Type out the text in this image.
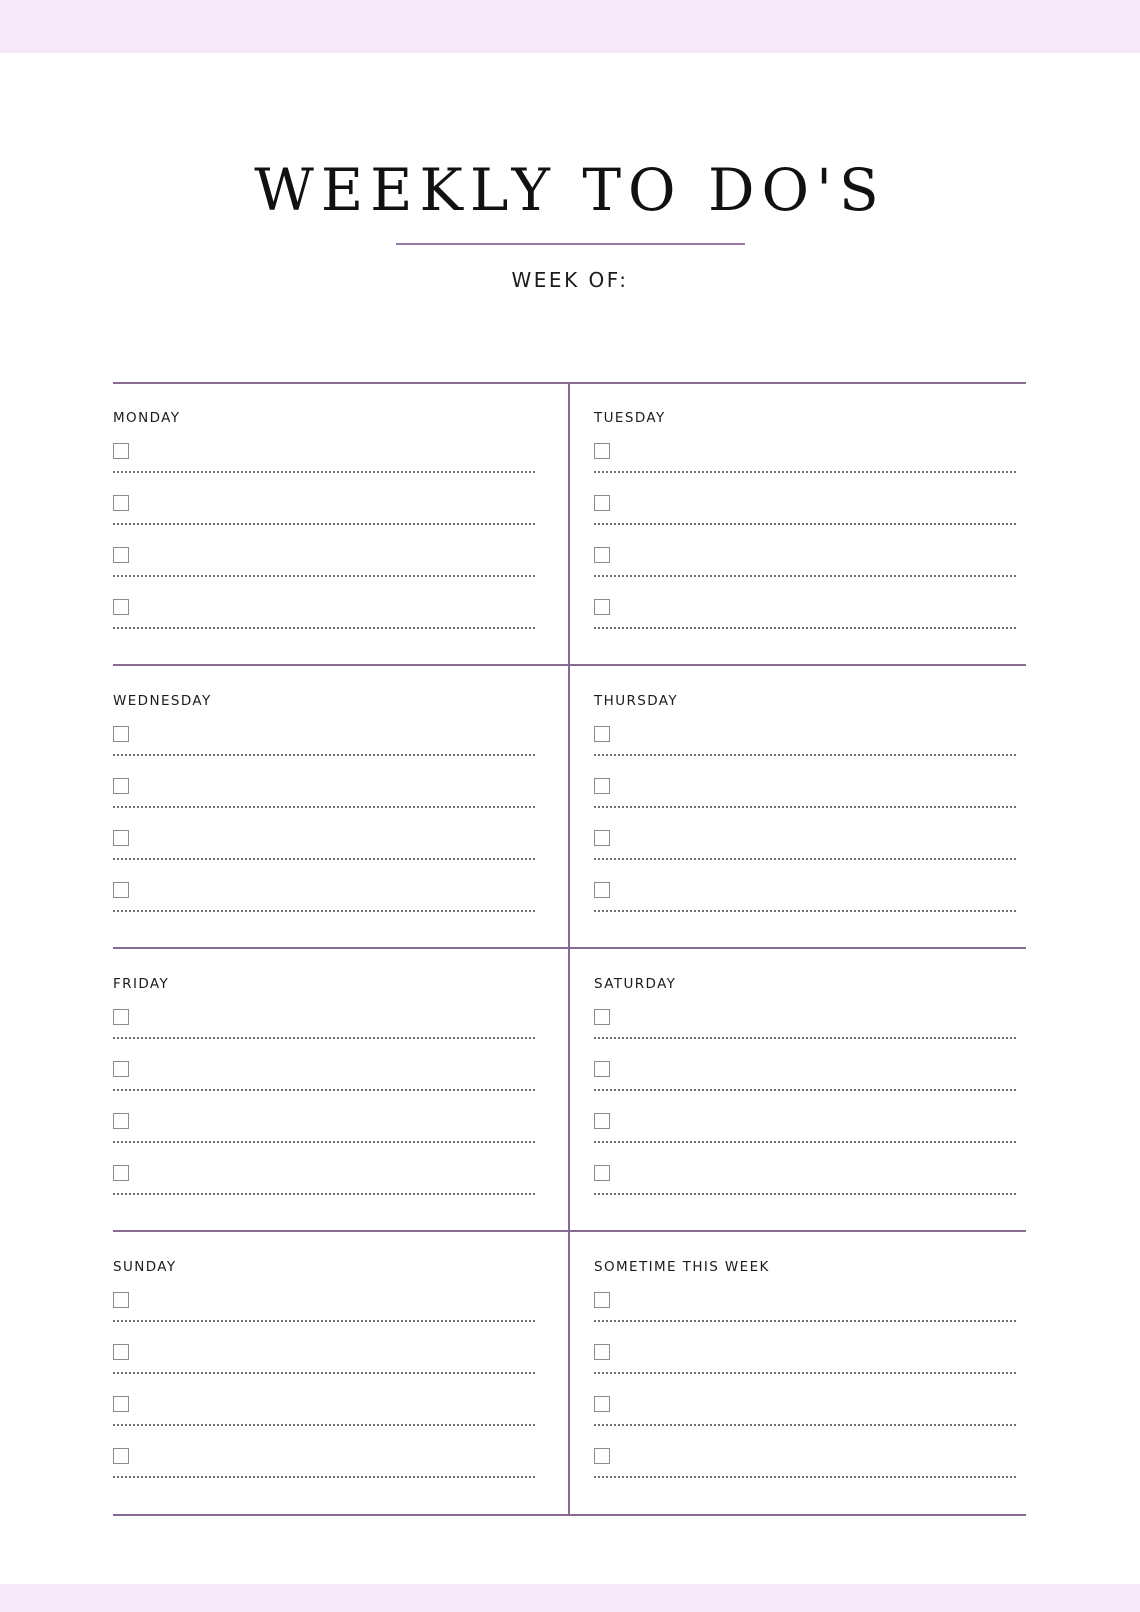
WEEKLY TO DO'S
WEEK OF:
MONDAY	TUESDAY
WEDNESDAY	THURSDAY
FRIDAY	SATURDAY
SUNDAY	SOMETIME THIS WEEK
